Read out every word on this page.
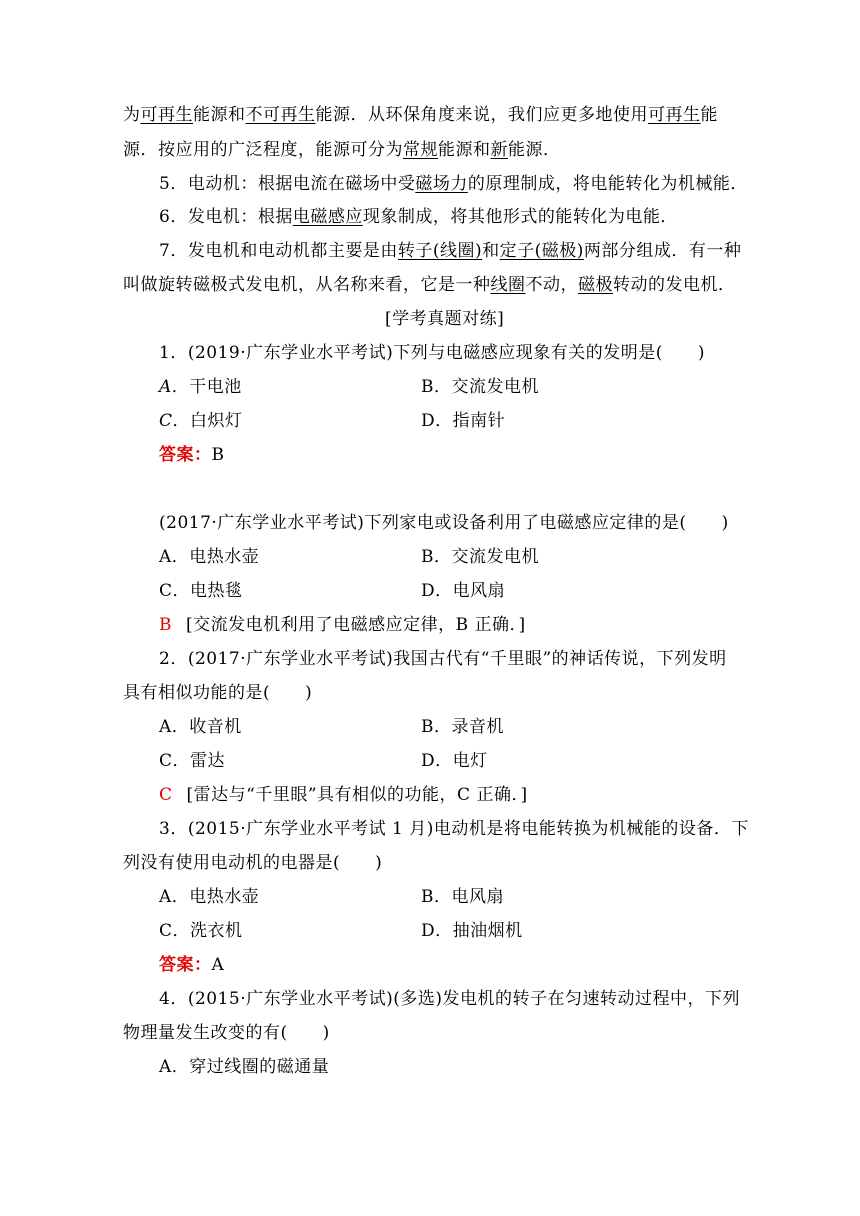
为可再生能源和不可再生能源．从环保角度来说，我们应更多地使用可再生能
源．按应用的广泛程度，能源可分为常规能源和新能源．
5．电动机：根据电流在磁场中受磁场力的原理制成，将电能转化为机械能．
6．发电机：根据电磁感应现象制成，将其他形式的能转化为电能．
7．发电机和电动机都主要是由转子(线圈)和定子(磁极)两部分组成．有一种
叫做旋转磁极式发电机，从名称来看，它是一种线圈不动，磁极转动的发电机．
[学考真题对练]
1．(2019·广东学业水平考试)下列与电磁感应现象有关的发明是(　　)
A．干电池	B．交流发电机
C．白炽灯	D．指南针
答案：B
(2017·广东学业水平考试)下列家电或设备利用了电磁感应定律的是(　　)
A．电热水壶	B．交流发电机
C．电热毯	D．电风扇
B [交流发电机利用了电磁感应定律，B 正确．]
2．(2017·广东学业水平考试)我国古代有“千里眼”的神话传说，下列发明
具有相似功能的是(　　)
A．收音机	B．录音机
C．雷达	D．电灯
C [雷达与“千里眼”具有相似的功能，C 正确．]
3．(2015·广东学业水平考试 1 月)电动机是将电能转换为机械能的设备．下
列没有使用电动机的电器是(　　)
A．电热水壶	B．电风扇
C．洗衣机	D．抽油烟机
答案：A
4．(2015·广东学业水平考试)(多选)发电机的转子在匀速转动过程中，下列
物理量发生改变的有(　　)
A．穿过线圈的磁通量
